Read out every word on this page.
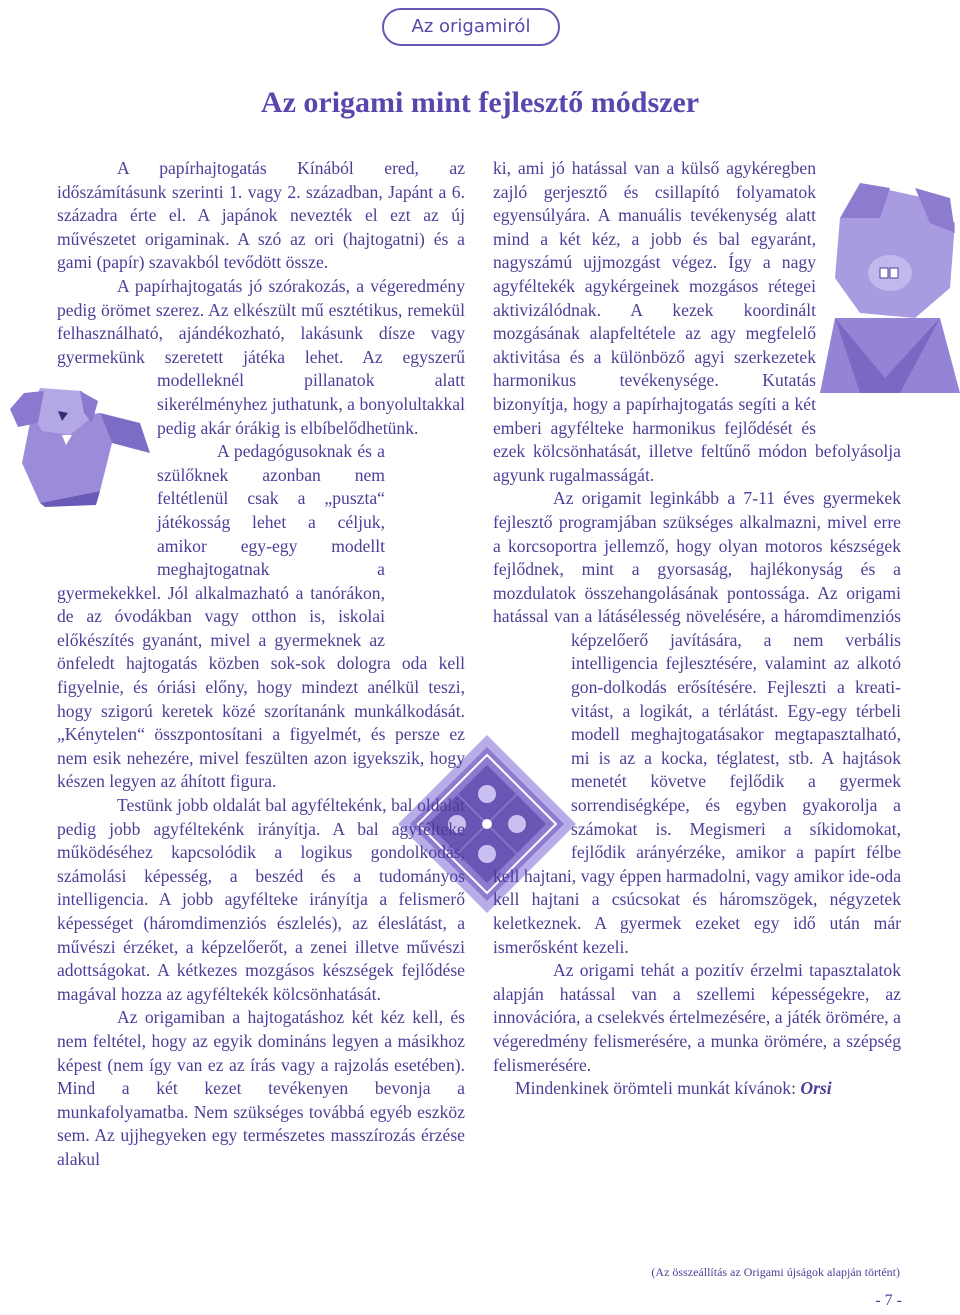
Az origamiról
Az origami mint fejlesztő módszer

A papírhajtogatás Kínából ered, az időszámításunk szerinti 1. vagy 2. században, Japánt a 6. századra érte el. A japánok nevezték el ezt az új művészetet origaminak. A szó az ori (hajtogatni) és a gami (papír) szavakból tevődött össze.

A papírhajtogatás jó szórakozás, a végeredmény pedig örömet szerez. Az elkészült mű esztétikus, remekül felhasználható, ajándékozható, lakásunk dísze vagy gyermekünk szeretett játéka lehet. Az egyszerű modelleknél pillanatok alatt sikerélményhez juthatunk, a bonyolultakkal pedig akár órákig is elbíbelődhetünk.

A pedagógusoknak és a szülőknek azonban nem feltétlenül csak a „puszta“ játékosság lehet a céljuk, amikor egy-egy modellt meghajtogatnak a gyermekekkel. Jól alkalmazható a tanórákon, de az óvodákban vagy otthon is, iskolai előkészítés gyanánt, mivel a gyermeknek az önfeledt hajtogatás közben sok-sok dologra oda kell figyelnie, és óriási előny, hogy mindezt anélkül teszi, hogy szigorú keretek közé szorítanánk munkálkodását. „Kénytelen“ összpontosítani a figyelmét, és persze ez nem esik nehezére, mivel feszülten azon igyekszik, hogy készen legyen az áhított figura.

Testünk jobb oldalát bal agyféltekénk, bal oldalát pedig jobb agyféltekénk irányítja. A bal agyfélteke működéséhez kapcsolódik a logikus gondolkodás, számolási képesség, a beszéd és a tudományos intelligencia. A jobb agyfélteke irányítja a felismerő képességet (háromdimenziós észlelés), az éleslátást, a művészi érzéket, a képzelőerőt, a zenei illetve művészi adottságokat. A kétkezes mozgásos készségek fejlődése magával hozza az agyféltekék kölcsönhatását.

Az origamiban a hajtogatáshoz két kéz kell, és nem feltétel, hogy az egyik domináns legyen a másikhoz képest (nem így van ez az írás vagy a rajzolás esetében). Mind a két kezet tevékenyen bevonja a munkafolyamatba. Nem szükséges továbbá egyéb eszköz sem. Az ujjhegyeken egy természetes masszírozás érzése alakul

ki, ami jó hatással van a külső agykéregben zajló gerjesztő és csillapító folyamatok egyensúlyára. A manuális tevékenység alatt mind a két kéz, a jobb és bal egyaránt, nagyszámú ujjmozgást végez. Így a nagy agyféltekék agykérgeinek mozgásos rétegei aktivizálódnak. A kezek koordinált mozgásának alapfeltétele az agy megfelelő aktivitása és a különböző agyi szerkezetek harmonikus tevékenysége. Kutatás bizonyítja, hogy a papírhajtogatás segíti a két emberi agyfélteke harmonikus fejlődését és ezek kölcsönhatását, illetve feltűnő módon befolyásolja agyunk rugalmasságát.

Az origamit leginkább a 7-11 éves gyermekek fejlesztő programjában szükséges alkalmazni, mivel erre a korcsoportra jellemző, hogy olyan motoros készségek fejlődnek, mint a gyorsaság, hajlékonyság és a mozdulatok összehangolásának pontossága. Az origami hatással van a látásélesség növelésére, a háromdimenziós képzelőerő javítására, a nem verbális intelligencia fejlesztésére, valamint az alkotó gon-dolkodás erősítésére. Fejleszti a kreati-vitást, a logikát, a térlátást. Egy-egy térbeli modell meghajtogatásakor megtapasztalható, mi is az a kocka, téglatest, stb. A hajtások menetét követve fejlődik a gyermek sorrendiségképe, és egyben gyakorolja a számokat is. Megismeri a síkidomokat, fejlődik arányérzéke, amikor a papírt félbe kell hajtani, vagy éppen harmadolni, vagy amikor ide-oda kell hajtani a csúcsokat és háromszögek, négyzetek keletkeznek. A gyermek ezeket egy idő után már ismerősként kezeli.

Az origami tehát a pozitív érzelmi tapasztalatok alapján hatással van a szellemi képességekre, az innovációra, a cselekvés értelmezésére, a játék örömére, a végeredmény felismerésére, a munka örömére, a szépség felismerésére.

Mindenkinek örömteli munkát kívánok: Orsi

(Az összeállítás az Origami újságok alapján történt)
- 7 -
